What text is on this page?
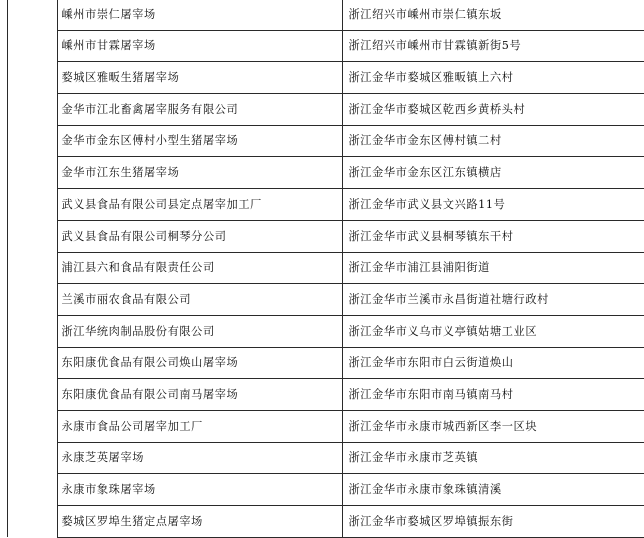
		嵊州市崇仁屠宰场	浙江绍兴市嵊州市崇仁镇东坂
		嵊州市甘霖屠宰场	浙江绍兴市嵊州市甘霖镇新街5号
		婺城区雅畈生猪屠宰场	浙江金华市婺城区雅畈镇上六村
		金华市江北畜禽屠宰服务有限公司	浙江金华市婺城区乾西乡黄桥头村
		金华市金东区傅村小型生猪屠宰场	浙江金华市金东区傅村镇二村
		金华市江东生猪屠宰场	浙江金华市金东区江东镇横店
		武义县食品有限公司县定点屠宰加工厂	浙江金华市武义县文兴路11号
		武义县食品有限公司桐琴分公司	浙江金华市武义县桐琴镇东干村
		浦江县六和食品有限责任公司	浙江金华市浦江县浦阳街道
		兰溪市丽农食品有限公司	浙江金华市兰溪市永昌街道社塘行政村
		浙江华统肉制品股份有限公司	浙江金华市义乌市义亭镇姑塘工业区
		东阳康优食品有限公司焕山屠宰场	浙江金华市东阳市白云街道焕山
		东阳康优食品有限公司南马屠宰场	浙江金华市东阳市南马镇南马村
		永康市食品公司屠宰加工厂	浙江金华市永康市城西新区李一区块
		永康芝英屠宰场	浙江金华市永康市芝英镇
		永康市象珠屠宰场	浙江金华市永康市象珠镇清溪
		婺城区罗埠生猪定点屠宰场	浙江金华市婺城区罗埠镇振东街
